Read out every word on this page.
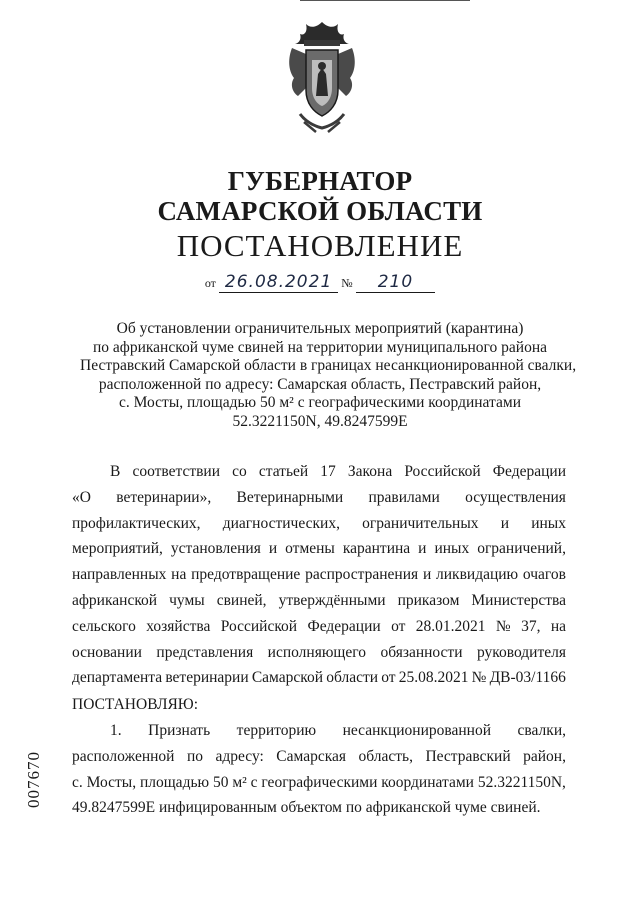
ГУБЕРНАТОР
САМАРСКОЙ ОБЛАСТИ
ПОСТАНОВЛЕНИЕ
от 26.08.2021 № 210
Об установлении ограничительных мероприятий (карантина)
по африканской чуме свиней на территории муниципального района
Пестравский Самарской области в границах несанкционированной свалки,
расположенной по адресу: Самарская область, Пестравский район,
с. Мосты, площадью 50 м² с географическими координатами
52.3221150N, 49.8247599E
В соответствии со статьей 17 Закона Российской Федерации
«О ветеринарии», Ветеринарными правилами осуществления
профилактических, диагностических, ограничительных и иных
мероприятий, установления и отмены карантина и иных ограничений,
направленных на предотвращение распространения и ликвидацию очагов
африканской чумы свиней, утверждёнными приказом Министерства
сельского хозяйства Российской Федерации от 28.01.2021 № 37, на
основании представления исполняющего обязанности руководителя
департамента ветеринарии Самарской области от 25.08.2021 № ДВ-03/1166
ПОСТАНОВЛЯЮ:
1. Признать территорию несанкционированной свалки,
расположенной по адресу: Самарская область, Пестравский район,
с. Мосты, площадью 50 м² с географическими координатами 52.3221150N,
49.8247599E инфицированным объектом по африканской чуме свиней.
007670
